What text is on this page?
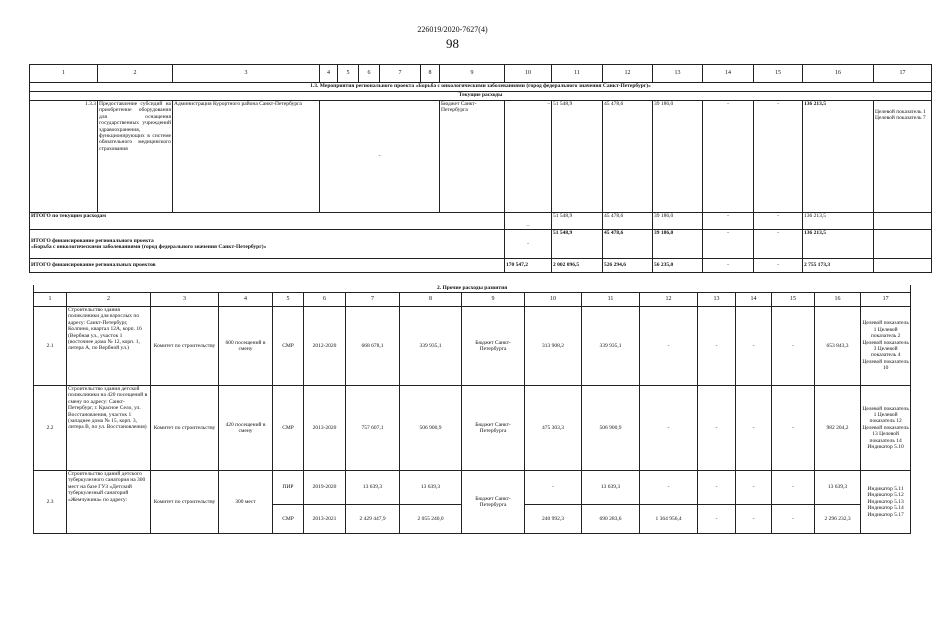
226019/2020-7627(4)
98
1	2	3	4	5	6	7	8	9	10	11	12	13	14	15	16	17
1.3. Мероприятия регионального проекта «Борьба с онкологическими заболеваниями (город федерального значения Санкт-Петербург)»																
Текущие расходы																
1.3.3	Предоставление субсидий на приобретение оборудования для оснащения государственных учреждений здравоохранения, функционирующих в системе обязательного медицинского страхования	Администрация Курортного района Санкт-Петербурга	-					Бюджет Санкт-Петербурга	–	51 548,9	45 478,6	39 186,0	-	-	136 213,5	Целевой показатель 1 Целевой показатель 7
ИТОГО по текущим расходам									–	51 548,9	45 478,6	39 186,0	-	-	136 213,5	

ИТОГО финансирование регионального проекта
«Борьба с онкологическими заболеваниями (город федерального значения Санкт-Петербург)»									-	51 548,9	45 478,6	39 186,0	-	-	136 213,5	
ИТОГО финансирование региональных проектов									170 547,2	2 002 096,5	526 294,6	56 235,0	-	-	2 755 173,3	
2. Прочие расходы развития																
1	2	3	4	5	6	7	8	9	10	11	12	13	14	15	16	17
2.1	Строительство здания поликлиники для взрослых по адресу: Санкт-Петербург, Колпино, квартал 12А, корп. 16 (Вербная ул., участок 1 (восточнее дома № 12, корп. 1, литера А, по Вербной ул.)	Комитет по строительству	600 посещений в смену	СМР	2012-2020	668 678,1	339 935,1	Бюджет Санкт-Петербурга	313 908,2	339 935,1	-	-	-	-	653 843,3	Целевой показатель 1 Целевой показатель 2 Целевой показатель 3 Целевой показатель 4 Целевой показатель 10
2.2	Строительство здания детской поликлиники на 420 посещений в смену по адресу: Санкт-Петербург, г. Красное Село, ул. Восстановления, участок 1 (западнее дома № 15, корп. 3, литера В, по ул. Восстановления)	Комитет по строительству	420 посещений в смену	СМР	2013-2020	757 607,1	506 900,9	Бюджет Санкт-Петербурга	475 303,3	506 900,9	-	-	-	-	982 204,2	Целевой показатель 1 Целевой показатель 12 Целевой показатель 13 Целевой показатель 14 Индикатор 5.10
2.3	Строительство зданий детского туберкулезного санатория на 300 мест на базе ГУЗ «Детский туберкулезный санаторий «Жемчужина» по адресу:	Комитет по строительству	300 мест	ПИР	2019-2020	13 639,3	13 639,3	Бюджет Санкт-Петербурга	-	13 639,3	-	-	-	-	13 639,3	Индикатор 5.11 Индикатор 5.12 Индикатор 5.13 Индикатор 5.14 Индикатор 5.17
				СМР	2013-2021	2 429 447,9	2 055 240,0		240 992,3	690 283,6	1 364 956,4	-	-	-	2 296 232,3	
